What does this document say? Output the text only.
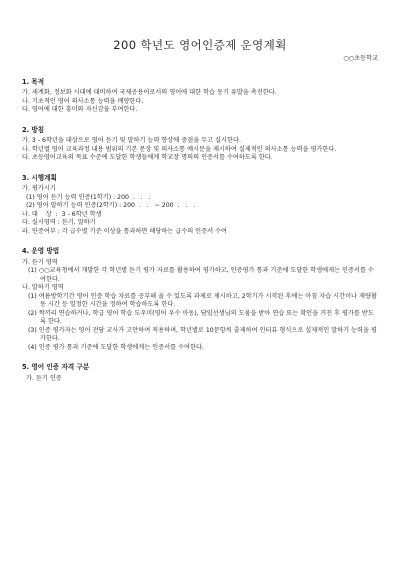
200 학년도 영어인증제 운영계획
○○초등학교
1. 목적
가. 세계화, 정보화 시대에 대비하여 국제공용어로서의 영어에 대한 학습 동기 유발을 촉진한다.
나. 기초적인 영어 의사소통 능력을 배양한다.
다. 영어에 대한 흥미와 자신감을 부여한다.
2. 방침
가. 3 - 6학년을 대상으로 영어 듣기 및 말하기 능력 향상에 중점을 두고 실시한다.
나. 학년별 영어 교육과정 내용 범위의 기본 문장 및 의사소통 예시문을 제시하여 실제적인 의사소통 능력을 평가한다.
다. 초등영어교육의 목표 수준에 도달한 학생들에게 학교장 명의의 인증서를 수여하도록 한다.
3. 시행계획
가. 평가시기
(1) 영어 듣기 능력 인증(1학기) : 200  .   .   .
(2) 영어 말하기 능력 인증(2학기) : 200  .   .   ~ 200  .   .   .
나. 대    상  :  3 - 6학년 학생
다. 실시영역 : 듣기, 말하기
라. 인증여부 : 각 급수별 기준 이상을 통과하면 해당하는 급수의 인증서 수여
4. 운영 방법
가. 듣기 영역
(1) ○○교육청에서 개발한 각 학년별 듣기 평가 자료를 활용하여 평가하고, 인증평가 통과 기준에 도달한 학생에게는 인증서를 수여한다.
나. 말하기 영역
(1) 여름방학기간 영어 인증 학습 자료를 공부해 올 수 있도록 과제로 제시하고, 2학기가 시작된 후에는 아침 자습 시간이나 재량활동 시간 등 일정한 시간을 정하여 학습하도록 한다.
(2) 짝끼리 연습하거나, 학급 영어 학습 도우미(영어 우수 아동), 담임선생님의 도움을 받아 연습 또는 확인을 거친 후 평가를 받도록 한다.
(3) 인증 평가자는 영어 전담 교사가 고안하여 적용하며, 학년별로 10문항씩 출제하여 인터뷰 형식으로 실제적인 말하기 능력을 평가한다.
(4) 인증 평가 통과 기준에 도달한 학생에게는 인증서를 수여한다.
5. 영어 인증 자격 구분
가. 듣기 인증
